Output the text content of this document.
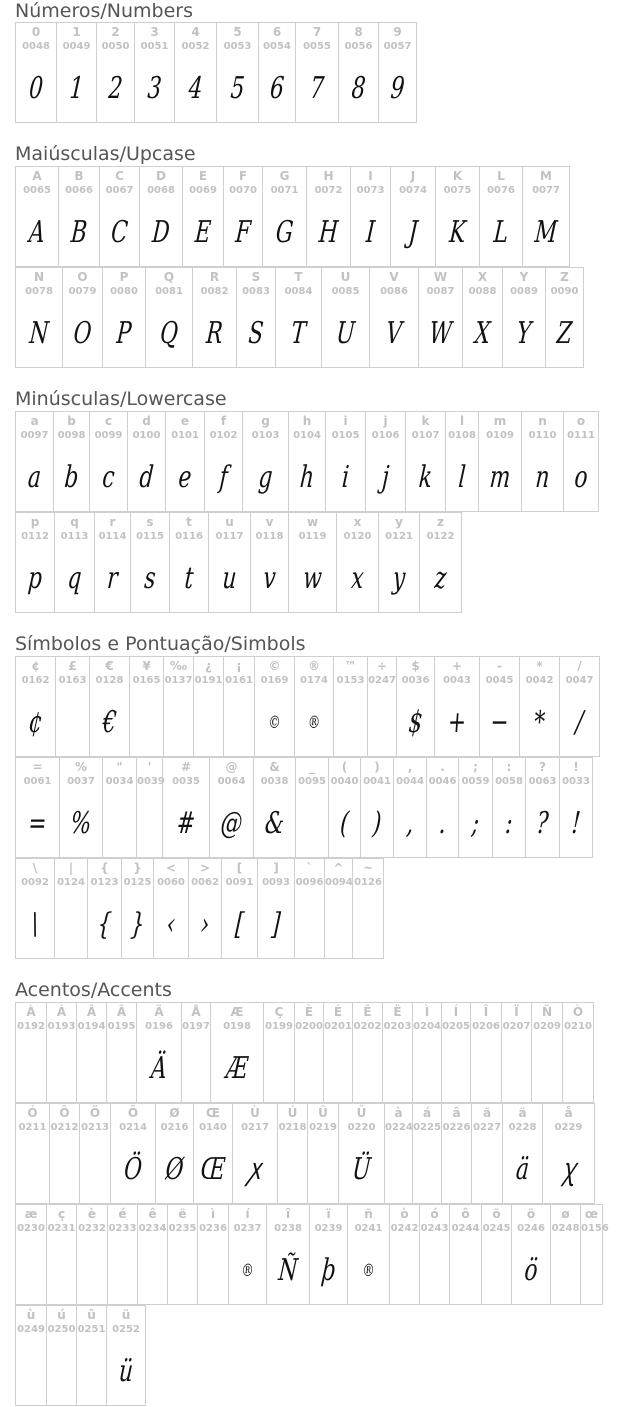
Números/Numbers
Maiúsculas/Upcase
Minúsculas/Lowercase
Símbolos e Pontuação/Simbols
Acentos/Accents
0
0048
0
1
0049
1
2
0050
2
3
0051
3
4
0052
4
5
0053
5
6
0054
6
7
0055
7
8
0056
8
9
0057
9
A
0065
A
B
0066
B
C
0067
C
D
0068
D
E
0069
E
F
0070
F
G
0071
G
H
0072
H
I
0073
I
J
0074
J
K
0075
K
L
0076
L
M
0077
M
N
0078
N
O
0079
O
P
0080
P
Q
0081
Q
R
0082
R
S
0083
S
T
0084
T
U
0085
U
V
0086
V
W
0087
W
X
0088
X
Y
0089
Y
Z
0090
Z
a
0097
a
b
0098
b
c
0099
c
d
0100
d
e
0101
e
f
0102
f
g
0103
g
h
0104
h
i
0105
i
j
0106
j
k
0107
k
l
0108
l
m
0109
m
n
0110
n
o
0111
o
p
0112
p
q
0113
q
r
0114
r
s
0115
s
t
0116
t
u
0117
u
v
0118
v
w
0119
w
x
0120
x
y
0121
y
z
0122
z
¢
0162
¢
£
0163
€
0128
€
¥
0165
‰
0137
¿
0191
¡
0161
©
0169
©
®
0174
®
™
0153
÷
0247
$
0036
$
+
0043
+
-
0045
−
*
0042
*
/
0047
/
=
0061
=
%
0037
%
"
0034
'
0039
#
0035
#
@
0064
@
&
0038
&
_
0095
(
0040
(
)
0041
)
,
0044
,
.
0046
.
;
0059
;
:
0058
:
?
0063
?
!
0033
!
\
0092
\
|
0124
{
0123
{
}
0125
}
<
0060
‹
>
0062
›
[
0091
[
]
0093
]
`
0096
^
0094
~
0126
À
0192
Á
0193
Â
0194
Ã
0195
Ä
0196
Ä
Å
0197
Æ
0198
Æ
Ç
0199
È
0200
É
0201
Ê
0202
Ë
0203
Ì
0204
Í
0205
Î
0206
Ï
0207
Ñ
0209
Ò
0210
Ó
0211
Ô
0212
Õ
0213
Ö
0214
Ö
Ø
0216
Ø
Œ
0140
Œ
Ù
0217
ꭗ
Ú
0218
Û
0219
Ü
0220
Ü
à
0224
á
0225
â
0226
ã
0227
ä
0228
ä
å
0229
ꭓ
æ
0230
ç
0231
è
0232
é
0233
ê
0234
ë
0235
ì
0236
í
0237
®
î
0238
Ñ
ï
0239
þ
ñ
0241
®
ò
0242
ó
0243
ô
0244
õ
0245
ö
0246
ö
ø
0248
œ
0156
ù
0249
ú
0250
û
0251
ü
0252
ü
